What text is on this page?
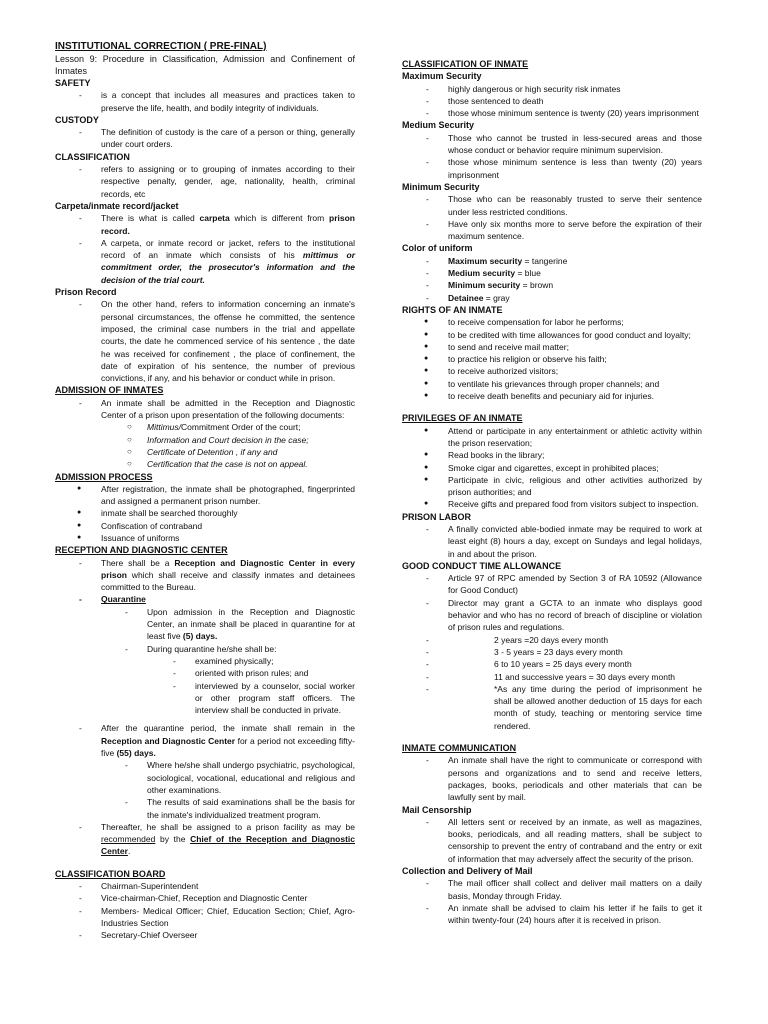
INSTITUTIONAL CORRECTION ( PRE-FINAL)
Lesson 9: Procedure in Classification, Admission and Confinement of Inmates
SAFETY
- is a concept that includes all measures and practices taken to preserve the life, health, and bodily integrity of individuals.
CUSTODY
- The definition of custody is the care of a person or thing, generally under court orders.
CLASSIFICATION
- refers to assigning or to grouping of inmates according to their respective penalty, gender, age, nationality, health, criminal records, etc
Carpeta/inmate record/jacket
- There is what is called carpeta which is different from prison record.
- A carpeta, or inmate record or jacket, refers to the institutional record of an inmate which consists of his mittimus or commitment order, the prosecutor's information and the decision of the trial court.
Prison Record
- On the other hand, refers to information concerning an inmate's personal circumstances, the offense he committed, the sentence imposed, the criminal case numbers in the trial and appellate courts, the date he commenced service of his sentence , the date he was received for confinement , the place of confinement, the date of expiration of his sentence, the number of previous convictions, if any, and his behavior or conduct while in prison.
ADMISSION OF INMATES
- An inmate shall be admitted in the Reception and Diagnostic Center of a prison upon presentation of the following documents:
○ Mittimus/Commitment Order of the court;
○ Information and Court decision in the case;
○ Certificate of Detention , if any and
○ Certification that the case is not on appeal.
ADMISSION PROCESS
● After registration, the inmate shall be photographed, fingerprinted and assigned a permanent prison number.
● inmate shall be searched thoroughly
● Confiscation of contraband
● Issuance of uniforms
RECEPTION AND DIAGNOSTIC CENTER
- There shall be a Reception and Diagnostic Center in every prison which shall receive and classify inmates and detainees committed to the Bureau.
- Quarantine
- Upon admission in the Reception and Diagnostic Center, an inmate shall be placed in quarantine for at least five (5) days.
- During quarantine he/she shall be:
- examined physically;
- oriented with prison rules; and
- interviewed by a counselor, social worker or other program staff officers. The interview shall be conducted in private.
- After the quarantine period, the inmate shall remain in the Reception and Diagnostic Center for a period not exceeding fifty-five (55) days.
- Where he/she shall undergo psychiatric, psychological, sociological, vocational, educational and religious and other examinations.
- The results of said examinations shall be the basis for the inmate's individualized treatment program.
- Thereafter, he shall be assigned to a prison facility as may be recommended by the Chief of the Reception and Diagnostic Center.
CLASSIFICATION BOARD
- Chairman-Superintendent
- Vice-chairman-Chief, Reception and Diagnostic Center
- Members- Medical Officer; Chief, Education Section; Chief, Agro-Industries Section
- Secretary-Chief Overseer
CLASSIFICATION OF INMATE
Maximum Security
- highly dangerous or high security risk inmates
- those sentenced to death
- those whose minimum sentence is twenty (20) years imprisonment
Medium Security
- Those who cannot be trusted in less-secured areas and those whose conduct or behavior require minimum supervision.
- those whose minimum sentence is less than twenty (20) years imprisonment
Minimum Security
- Those who can be reasonably trusted to serve their sentence under less restricted conditions.
- Have only six months more to serve before the expiration of their maximum sentence.
Color of uniform
- Maximum security = tangerine
- Medium security = blue
- Minimum security = brown
- Detainee = gray
RIGHTS OF AN INMATE
● to receive compensation for labor he performs;
● to be credited with time allowances for good conduct and loyalty;
● to send and receive mail matter;
● to practice his religion or observe his faith;
● to receive authorized visitors;
● to ventilate his grievances through proper channels; and
● to receive death benefits and pecuniary aid for injuries.
PRIVILEGES OF AN INMATE
● Attend or participate in any entertainment or athletic activity within the prison reservation;
● Read books in the library;
● Smoke cigar and cigarettes, except in prohibited places;
● Participate in civic, religious and other activities authorized by prison authorities; and
● Receive gifts and prepared food from visitors subject to inspection.
PRISON LABOR
- A finally convicted able-bodied inmate may be required to work at least eight (8) hours a day, except on Sundays and legal holidays, in and about the prison.
GOOD CONDUCT TIME ALLOWANCE
- Article 97 of RPC amended by Section 3 of RA 10592 (Allowance for Good Conduct)
- Director may grant a GCTA to an inmate who displays good behavior and who has no record of breach of discipline or violation of prison rules and regulations.
- 2 years =20 days every month
- 3 - 5 years = 23 days every month
- 6 to 10 years = 25 days every month
- 11 and successive years = 30 days every month
- *As any time during the period of imprisonment he shall be allowed another deduction of 15 days for each month of study, teaching or mentoring service time rendered.
INMATE COMMUNICATION
- An inmate shall have the right to communicate or correspond with persons and organizations and to send and receive letters, packages, books, periodicals and other materials that can be lawfully sent by mail.
Mail Censorship
- All letters sent or received by an inmate, as well as magazines, books, periodicals, and all reading matters, shall be subject to censorship to prevent the entry of contraband and the entry or exit of information that may adversely affect the security of the prison.
Collection and Delivery of Mail
- The mail officer shall collect and deliver mail matters on a daily basis, Monday through Friday.
- An inmate shall be advised to claim his letter if he fails to get it within twenty-four (24) hours after it is received in prison.
